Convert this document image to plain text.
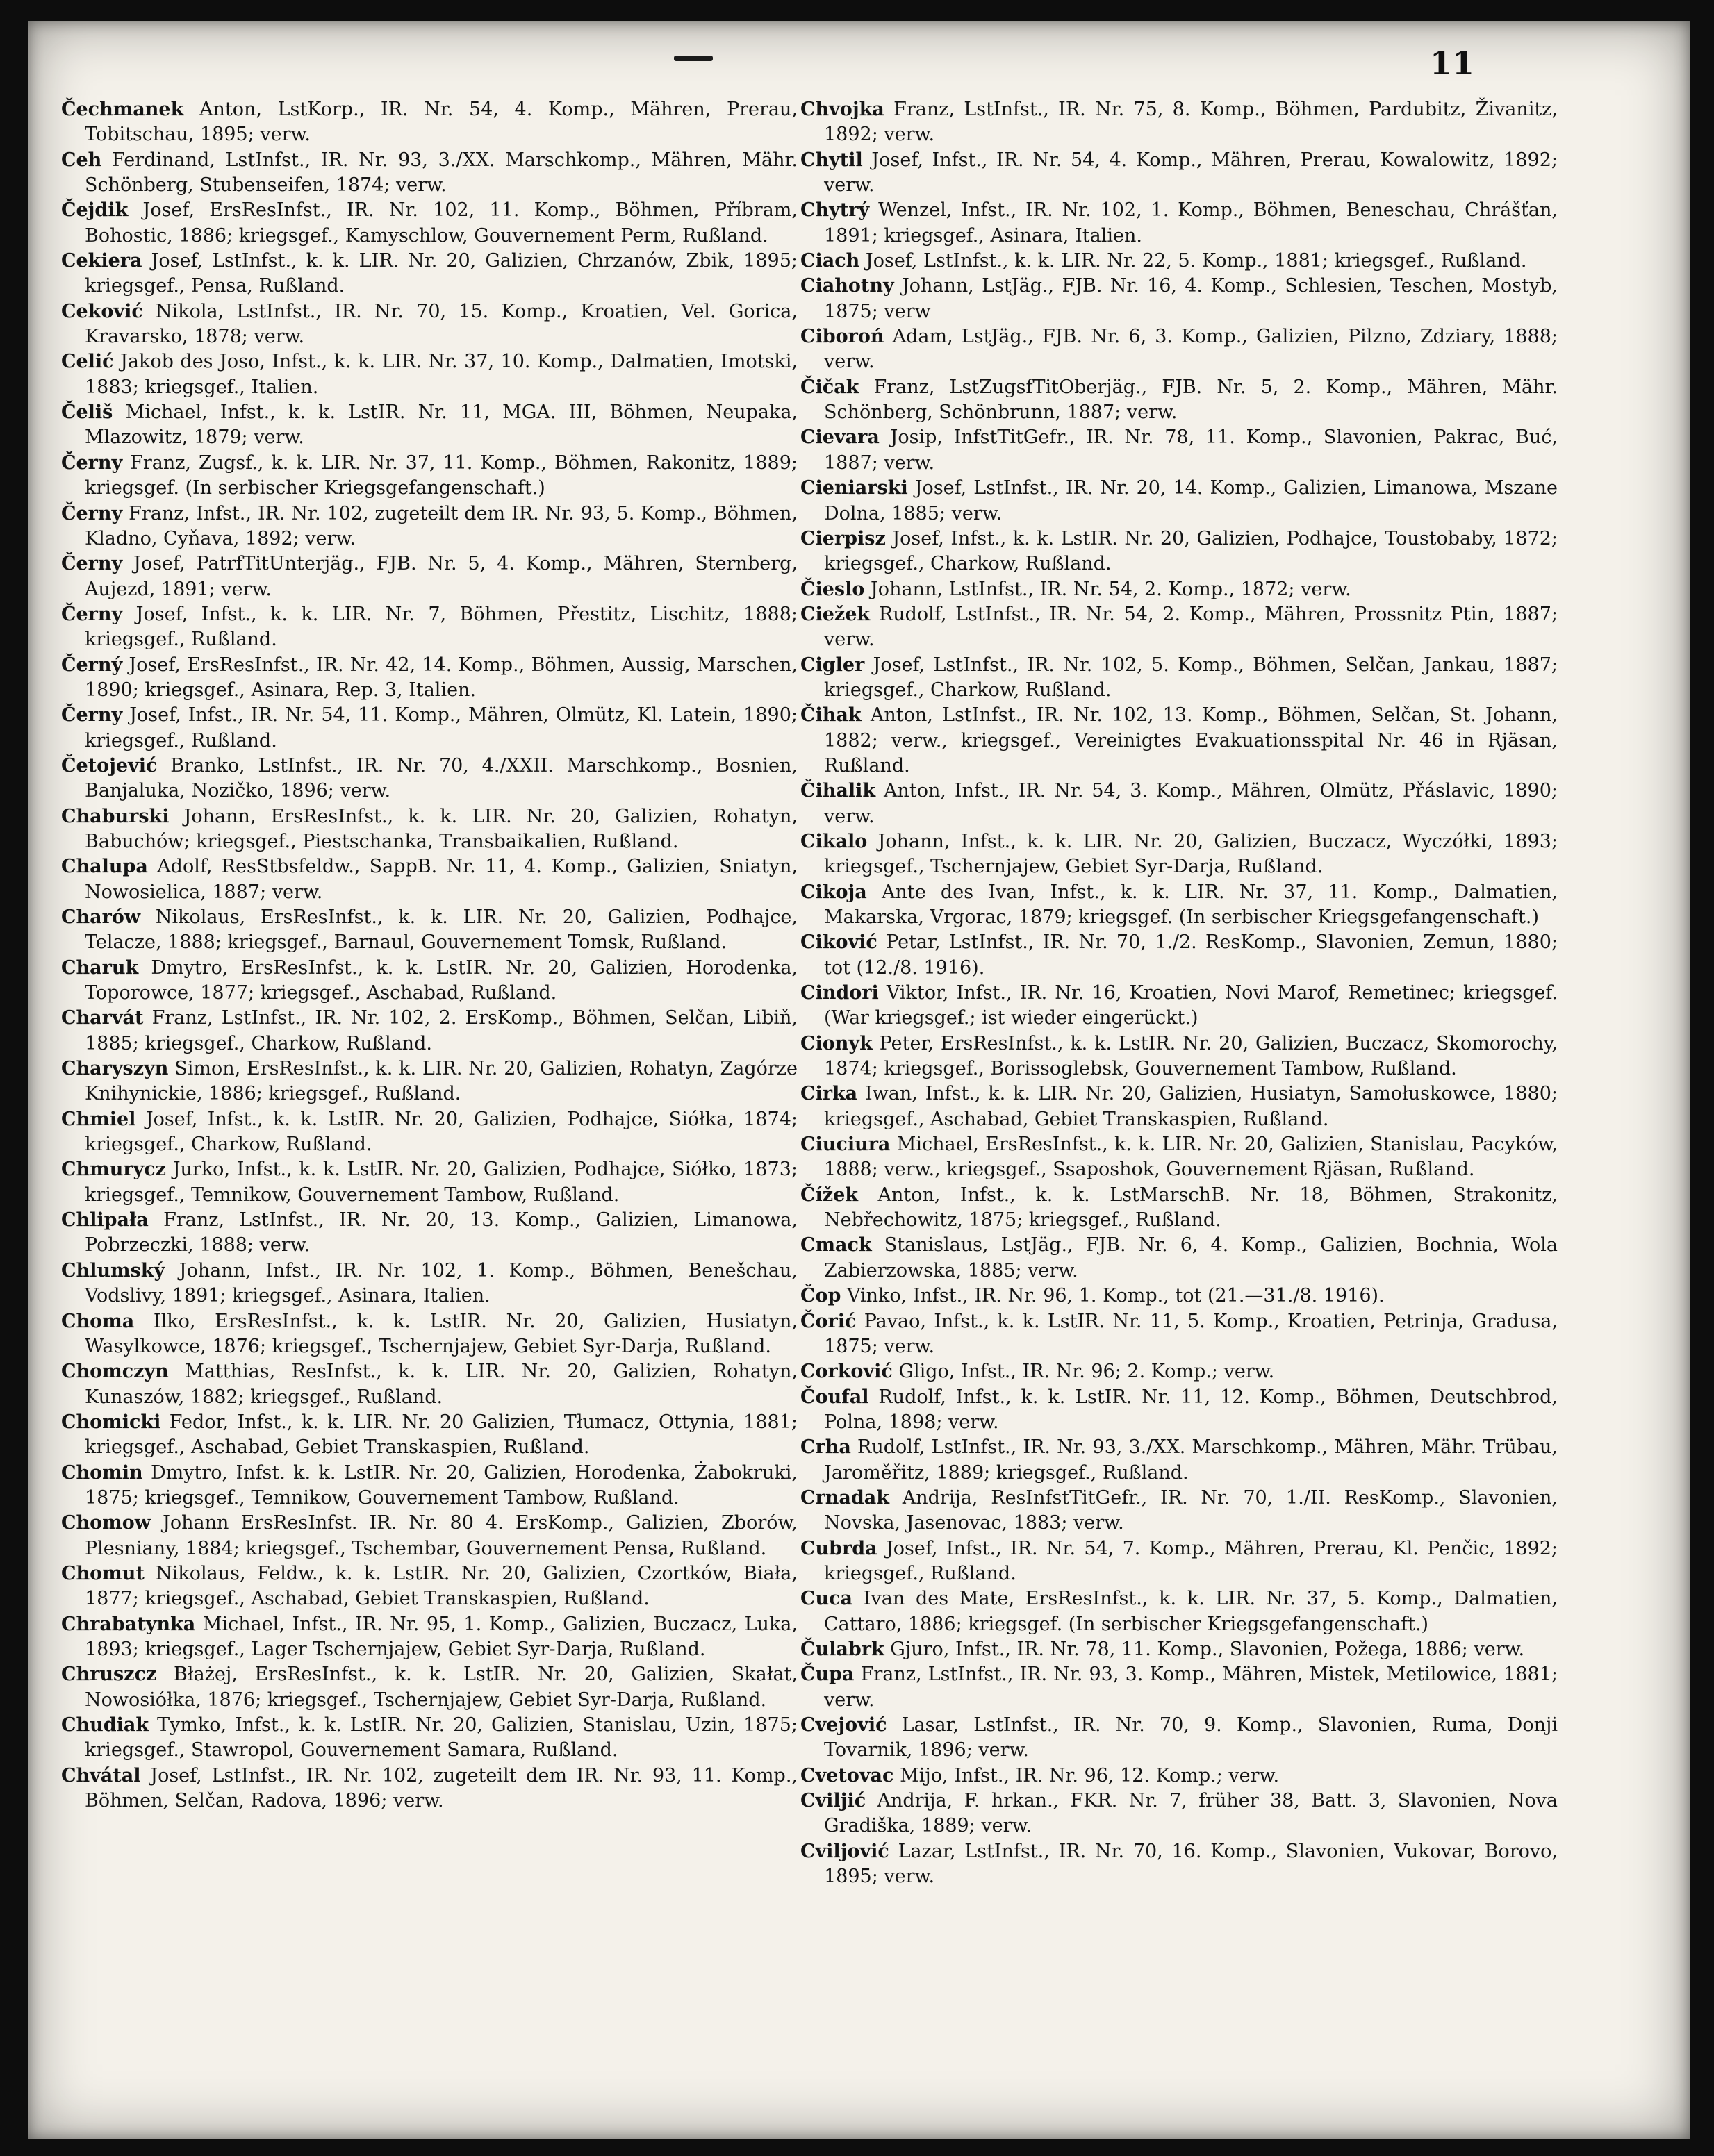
11

Čechmanek Anton, LstKorp., IR. Nr. 54, 4. Komp., Mähren, Prerau, Tobitschau, 1895; verw.

Ceh Ferdinand, LstInfst., IR. Nr. 93, 3./XX. Marschkomp., Mähren, Mähr. Schönberg, Stubenseifen, 1874; verw.

Čejdik Josef, ErsResInfst., IR. Nr. 102, 11. Komp., Böhmen, Příbram, Bohostic, 1886; kriegsgef., Kamyschlow, Gouvernement Perm, Rußland.

Cekiera Josef, LstInfst., k. k. LIR. Nr. 20, Galizien, Chrzanów, Zbik, 1895; kriegsgef., Pensa, Rußland.

Ceković Nikola, LstInfst., IR. Nr. 70, 15. Komp., Kroatien, Vel. Gorica, Kravarsko, 1878; verw.

Celić Jakob des Joso, Infst., k. k. LIR. Nr. 37, 10. Komp., Dalmatien, Imotski, 1883; kriegsgef., Italien.

Čeliš Michael, Infst., k. k. LstIR. Nr. 11, MGA. III, Böhmen, Neupaka, Mlazowitz, 1879; verw.

Černy Franz, Zugsf., k. k. LIR. Nr. 37, 11. Komp., Böhmen, Rakonitz, 1889; kriegsgef. (In serbischer Kriegsgefangenschaft.)

Černy Franz, Infst., IR. Nr. 102, zugeteilt dem IR. Nr. 93, 5. Komp., Böhmen, Kladno, Cyňava, 1892; verw.

Černy Josef, PatrfTitUnterjäg., FJB. Nr. 5, 4. Komp., Mähren, Sternberg, Aujezd, 1891; verw.

Černy Josef, Infst., k. k. LIR. Nr. 7, Böhmen, Přestitz, Lischitz, 1888; kriegsgef., Rußland.

Černý Josef, ErsResInfst., IR. Nr. 42, 14. Komp., Böhmen, Aussig, Marschen, 1890; kriegsgef., Asinara, Rep. 3, Italien.

Černy Josef, Infst., IR. Nr. 54, 11. Komp., Mähren, Olmütz, Kl. Latein, 1890; kriegsgef., Rußland.

Četojević Branko, LstInfst., IR. Nr. 70, 4./XXII. Marschkomp., Bosnien, Banjaluka, Nozičko, 1896; verw.

Chaburski Johann, ErsResInfst., k. k. LIR. Nr. 20, Galizien, Rohatyn, Babuchów; kriegsgef., Piestschanka, Transbaikalien, Rußland.

Chalupa Adolf, ResStbsfeldw., SappB. Nr. 11, 4. Komp., Galizien, Sniatyn, Nowosielica, 1887; verw.

Charów Nikolaus, ErsResInfst., k. k. LIR. Nr. 20, Galizien, Podhajce, Telacze, 1888; kriegsgef., Barnaul, Gouvernement Tomsk, Rußland.

Charuk Dmytro, ErsResInfst., k. k. LstIR. Nr. 20, Galizien, Horodenka, Toporowce, 1877; kriegsgef., Aschabad, Rußland.

Charvát Franz, LstInfst., IR. Nr. 102, 2. ErsKomp., Böhmen, Selčan, Libiň, 1885; kriegsgef., Charkow, Rußland.

Charyszyn Simon, ErsResInfst., k. k. LIR. Nr. 20, Galizien, Rohatyn, Zagórze Knihynickie, 1886; kriegsgef., Rußland.

Chmiel Josef, Infst., k. k. LstIR. Nr. 20, Galizien, Podhajce, Siółka, 1874; kriegsgef., Charkow, Rußland.

Chmurycz Jurko, Infst., k. k. LstIR. Nr. 20, Galizien, Podhajce, Siółko, 1873; kriegsgef., Temnikow, Gouvernement Tambow, Rußland.

Chlipała Franz, LstInfst., IR. Nr. 20, 13. Komp., Galizien, Limanowa, Pobrzeczki, 1888; verw.

Chlumský Johann, Infst., IR. Nr. 102, 1. Komp., Böhmen, Benešchau, Vodslivy, 1891; kriegsgef., Asinara, Italien.

Choma Ilko, ErsResInfst., k. k. LstIR. Nr. 20, Galizien, Husiatyn, Wasylkowce, 1876; kriegsgef., Tschernjajew, Gebiet Syr-Darja, Rußland.

Chomczyn Matthias, ResInfst., k. k. LIR. Nr. 20, Galizien, Rohatyn, Kunaszów, 1882; kriegsgef., Rußland.

Chomicki Fedor, Infst., k. k. LIR. Nr. 20 Galizien, Tłumacz, Ottynia, 1881; kriegsgef., Aschabad, Gebiet Transkaspien, Rußland.

Chomin Dmytro, Infst. k. k. LstIR. Nr. 20, Galizien, Horodenka, Żabokruki, 1875; kriegsgef., Temnikow, Gouvernement Tambow, Rußland.

Chomow Johann ErsResInfst. IR. Nr. 80 4. ErsKomp., Galizien, Zborów, Plesniany, 1884; kriegsgef., Tschembar, Gouvernement Pensa, Rußland.

Chomut Nikolaus, Feldw., k. k. LstIR. Nr. 20, Galizien, Czortków, Biała, 1877; kriegsgef., Aschabad, Gebiet Transkaspien, Rußland.

Chrabatynka Michael, Infst., IR. Nr. 95, 1. Komp., Galizien, Buczacz, Luka, 1893; kriegsgef., Lager Tschernjajew, Gebiet Syr-Darja, Rußland.

Chruszcz Błażej, ErsResInfst., k. k. LstIR. Nr. 20, Galizien, Skałat, Nowosiółka, 1876; kriegsgef., Tschernjajew, Gebiet Syr-Darja, Rußland.

Chudiak Tymko, Infst., k. k. LstIR. Nr. 20, Galizien, Stanislau, Uzin, 1875; kriegsgef., Stawropol, Gouvernement Samara, Rußland.

Chvátal Josef, LstInfst., IR. Nr. 102, zugeteilt dem IR. Nr. 93, 11. Komp., Böhmen, Selčan, Radova, 1896; verw.

Chvojka Franz, LstInfst., IR. Nr. 75, 8. Komp., Böhmen, Pardubitz, Živanitz, 1892; verw.

Chytil Josef, Infst., IR. Nr. 54, 4. Komp., Mähren, Prerau, Kowalowitz, 1892; verw.

Chytrý Wenzel, Infst., IR. Nr. 102, 1. Komp., Böhmen, Beneschau, Chrášťan, 1891; kriegsgef., Asinara, Italien.

Ciach Josef, LstInfst., k. k. LIR. Nr. 22, 5. Komp., 1881; kriegsgef., Rußland.

Ciahotny Johann, LstJäg., FJB. Nr. 16, 4. Komp., Schlesien, Teschen, Mostyb, 1875; verw

Ciboroń Adam, LstJäg., FJB. Nr. 6, 3. Komp., Galizien, Pilzno, Zdziary, 1888; verw.

Čičak Franz, LstZugsfTitOberjäg., FJB. Nr. 5, 2. Komp., Mähren, Mähr. Schönberg, Schönbrunn, 1887; verw.

Cievara Josip, InfstTitGefr., IR. Nr. 78, 11. Komp., Slavonien, Pakrac, Buć, 1887; verw.

Cieniarski Josef, LstInfst., IR. Nr. 20, 14. Komp., Galizien, Limanowa, Mszane Dolna, 1885; verw.

Cierpisz Josef, Infst., k. k. LstIR. Nr. 20, Galizien, Podhajce, Toustobaby, 1872; kriegsgef., Charkow, Rußland.

Čieslo Johann, LstInfst., IR. Nr. 54, 2. Komp., 1872; verw.

Ciežek Rudolf, LstInfst., IR. Nr. 54, 2. Komp., Mähren, Prossnitz Ptin, 1887; verw.

Cigler Josef, LstInfst., IR. Nr. 102, 5. Komp., Böhmen, Selčan, Jankau, 1887; kriegsgef., Charkow, Rußland.

Čihak Anton, LstInfst., IR. Nr. 102, 13. Komp., Böhmen, Selčan, St. Johann, 1882; verw., kriegsgef., Vereinigtes Evakuationsspital Nr. 46 in Rjäsan, Rußland.

Čihalik Anton, Infst., IR. Nr. 54, 3. Komp., Mähren, Olmütz, Přáslavic, 1890; verw.

Cikalo Johann, Infst., k. k. LIR. Nr. 20, Galizien, Buczacz, Wyczółki, 1893; kriegsgef., Tschernjajew, Gebiet Syr-Darja, Rußland.

Cikoja Ante des Ivan, Infst., k. k. LIR. Nr. 37, 11. Komp., Dalmatien, Makarska, Vrgorac, 1879; kriegsgef. (In serbischer Kriegsgefangenschaft.)

Ciković Petar, LstInfst., IR. Nr. 70, 1./2. ResKomp., Slavonien, Zemun, 1880; tot (12./8. 1916).

Cindori Viktor, Infst., IR. Nr. 16, Kroatien, Novi Marof, Remetinec; kriegsgef. (War kriegsgef.; ist wieder eingerückt.)

Cionyk Peter, ErsResInfst., k. k. LstIR. Nr. 20, Galizien, Buczacz, Skomorochy, 1874; kriegsgef., Borissoglebsk, Gouvernement Tambow, Rußland.

Cirka Iwan, Infst., k. k. LIR. Nr. 20, Galizien, Husiatyn, Samołuskowce, 1880; kriegsgef., Aschabad, Gebiet Transkaspien, Rußland.

Ciuciura Michael, ErsResInfst., k. k. LIR. Nr. 20, Galizien, Stanislau, Pacyków, 1888; verw., kriegsgef., Ssaposhok, Gouvernement Rjäsan, Rußland.

Čížek Anton, Infst., k. k. LstMarschB. Nr. 18, Böhmen, Strakonitz, Nebřechowitz, 1875; kriegsgef., Rußland.

Cmack Stanislaus, LstJäg., FJB. Nr. 6, 4. Komp., Galizien, Bochnia, Wola Zabierzowska, 1885; verw.

Čop Vinko, Infst., IR. Nr. 96, 1. Komp., tot (21.—31./8. 1916).

Čorić Pavao, Infst., k. k. LstIR. Nr. 11, 5. Komp., Kroatien, Petrinja, Gradusa, 1875; verw.

Corković Gligo, Infst., IR. Nr. 96; 2. Komp.; verw.

Čoufal Rudolf, Infst., k. k. LstIR. Nr. 11, 12. Komp., Böhmen, Deutschbrod, Polna, 1898; verw.

Crha Rudolf, LstInfst., IR. Nr. 93, 3./XX. Marschkomp., Mähren, Mähr. Trübau, Jaroměřitz, 1889; kriegsgef., Rußland.

Crnadak Andrija, ResInfstTitGefr., IR. Nr. 70, 1./II. ResKomp., Slavonien, Novska, Jasenovac, 1883; verw.

Cubrda Josef, Infst., IR. Nr. 54, 7. Komp., Mähren, Prerau, Kl. Penčic, 1892; kriegsgef., Rußland.

Cuca Ivan des Mate, ErsResInfst., k. k. LIR. Nr. 37, 5. Komp., Dalmatien, Cattaro, 1886; kriegsgef. (In serbischer Kriegsgefangenschaft.)

Čulabrk Gjuro, Infst., IR. Nr. 78, 11. Komp., Slavonien, Požega, 1886; verw.

Čupa Franz, LstInfst., IR. Nr. 93, 3. Komp., Mähren, Mistek, Metilowice, 1881; verw.

Cvejović Lasar, LstInfst., IR. Nr. 70, 9. Komp., Slavonien, Ruma, Donji Tovarnik, 1896; verw.

Cvetovac Mijo, Infst., IR. Nr. 96, 12. Komp.; verw.

Cviljić Andrija, F. hrkan., FKR. Nr. 7, früher 38, Batt. 3, Slavonien, Nova Gradiška, 1889; verw.

Cviljović Lazar, LstInfst., IR. Nr. 70, 16. Komp., Slavonien, Vukovar, Borovo, 1895; verw.
